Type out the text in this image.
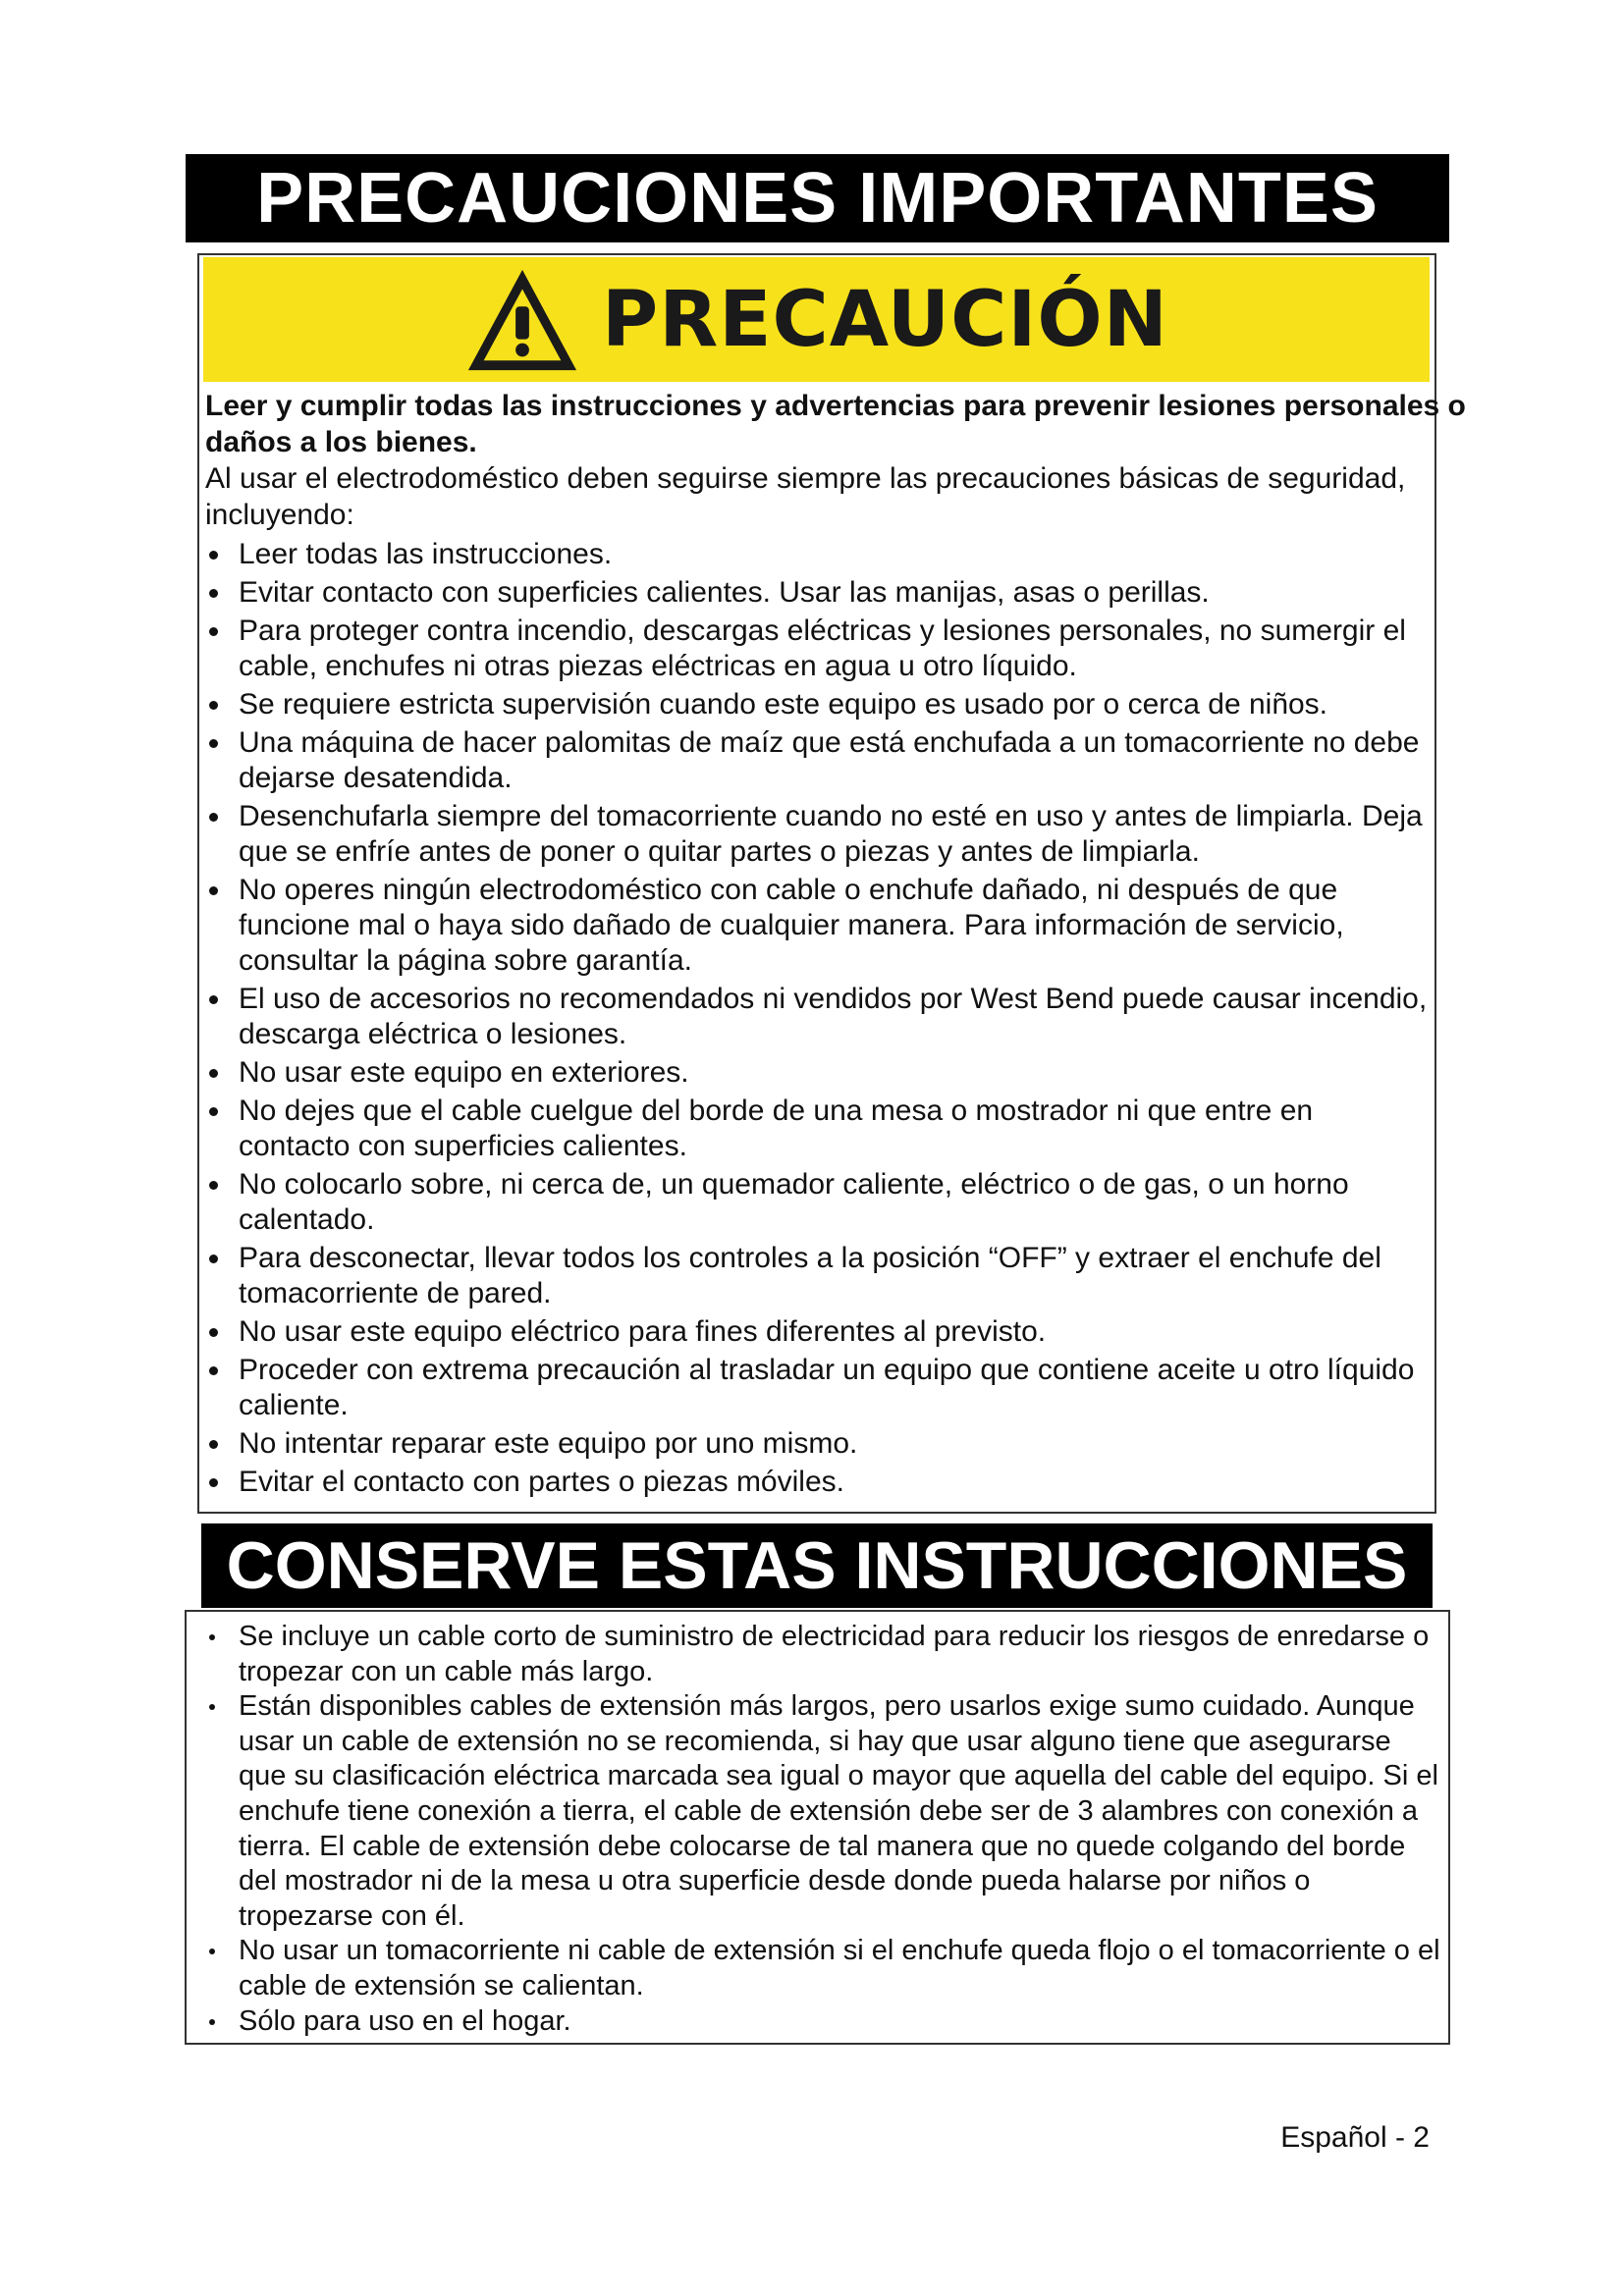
PRECAUCIONES IMPORTANTES
PRECAUCIÓN

Leer y cumplir todas las instrucciones y advertencias para prevenir lesiones personales o daños a los bienes.

Al usar el electrodoméstico deben seguirse siempre las precauciones básicas de seguridad, incluyendo:

Leer todas las instrucciones.
Evitar contacto con superficies calientes. Usar las manijas, asas o perillas.
Para proteger contra incendio, descargas eléctricas y lesiones personales, no sumergir el cable, enchufes ni otras piezas eléctricas en agua u otro líquido.
Se requiere estricta supervisión cuando este equipo es usado por o cerca de niños.
Una máquina de hacer palomitas de maíz que está enchufada a un tomacorriente no debe dejarse desatendida.
Desenchufarla siempre del tomacorriente cuando no esté en uso y antes de limpiarla. Deja que se enfríe antes de poner o quitar partes o piezas y antes de limpiarla.
No operes ningún electrodoméstico con cable o enchufe dañado, ni después de que funcione mal o haya sido dañado de cualquier manera. Para información de servicio, consultar la página sobre garantía.
El uso de accesorios no recomendados ni vendidos por West Bend puede causar incendio, descarga eléctrica o lesiones.
No usar este equipo en exteriores.
No dejes que el cable cuelgue del borde de una mesa o mostrador ni que entre en contacto con superficies calientes.
No colocarlo sobre, ni cerca de, un quemador caliente, eléctrico o de gas, o un horno calentado.
Para desconectar, llevar todos los controles a la posición “OFF” y extraer el enchufe del tomacorriente de pared.
No usar este equipo eléctrico para fines diferentes al previsto.
Proceder con extrema precaución al trasladar un equipo que contiene aceite u otro líquido caliente.
No intentar reparar este equipo por uno mismo.
Evitar el contacto con partes o piezas móviles.
CONSERVE ESTAS INSTRUCCIONES
Se incluye un cable corto de suministro de electricidad para reducir los riesgos de enredarse o tropezar con un cable más largo.
Están disponibles cables de extensión más largos, pero usarlos exige sumo cuidado. Aunque usar un cable de extensión no se recomienda, si hay que usar alguno tiene que asegurarse que su clasificación eléctrica marcada sea igual o mayor que aquella del cable del equipo. Si el enchufe tiene conexión a tierra, el cable de extensión debe ser de 3 alambres con conexión a tierra. El cable de extensión debe colocarse de tal manera que no quede colgando del borde del mostrador ni de la mesa u otra superficie desde donde pueda halarse por niños o tropezarse con él.
No usar un tomacorriente ni cable de extensión si el enchufe queda flojo o el tomacorriente o el cable de extensión se calientan.
Sólo para uso en el hogar.
Español - 2
